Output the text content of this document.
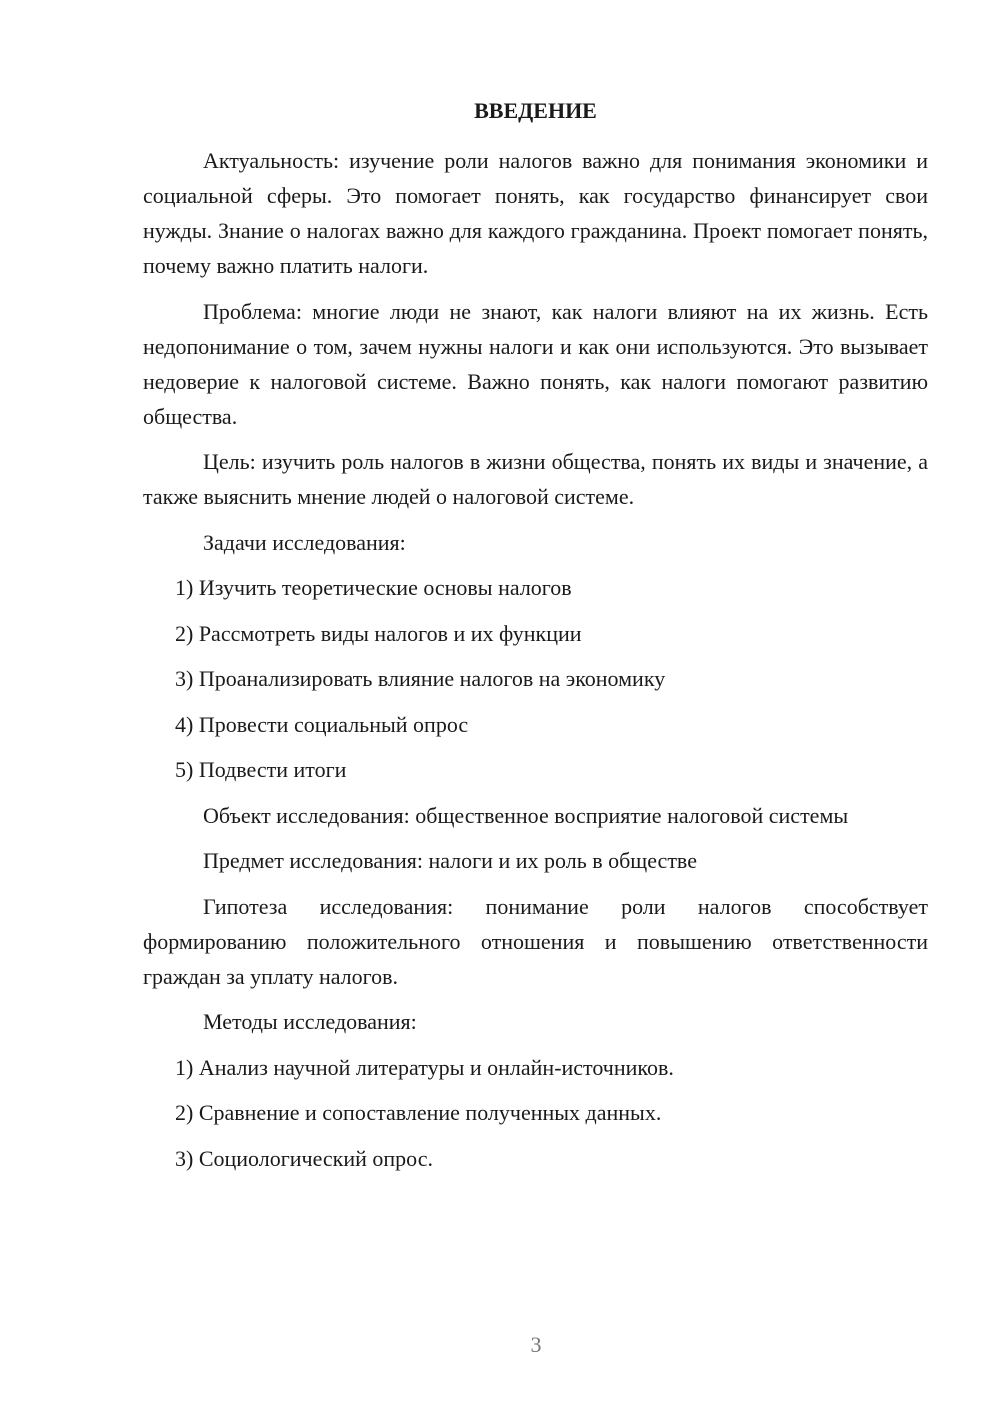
ВВЕДЕНИЕ

Актуальность: изучение роли налогов важно для понимания экономики и социальной сферы. Это помогает понять, как государство финансирует свои нужды. Знание о налогах важно для каждого гражданина. Проект помогает понять, почему важно платить налоги.

Проблема: многие люди не знают, как налоги влияют на их жизнь. Есть недопонимание о том, зачем нужны налоги и как они используются. Это вызывает недоверие к налоговой системе. Важно понять, как налоги помогают развитию общества.

Цель: изучить роль налогов в жизни общества, понять их виды и значение, а также выяснить мнение людей о налоговой системе.

Задачи исследования:

1) Изучить теоретические основы налогов

2) Рассмотреть виды налогов и их функции

3) Проанализировать влияние налогов на экономику

4) Провести социальный опрос

5) Подвести итоги

Объект исследования: общественное восприятие налоговой системы

Предмет исследования: налоги и их роль в обществе

Гипотеза исследования: понимание роли налогов способствует формированию положительного отношения и повышению ответственности граждан за уплату налогов.

Методы исследования:

1) Анализ научной литературы и онлайн-источников.

2) Сравнение и сопоставление полученных данных.

3) Социологический опрос.

3
